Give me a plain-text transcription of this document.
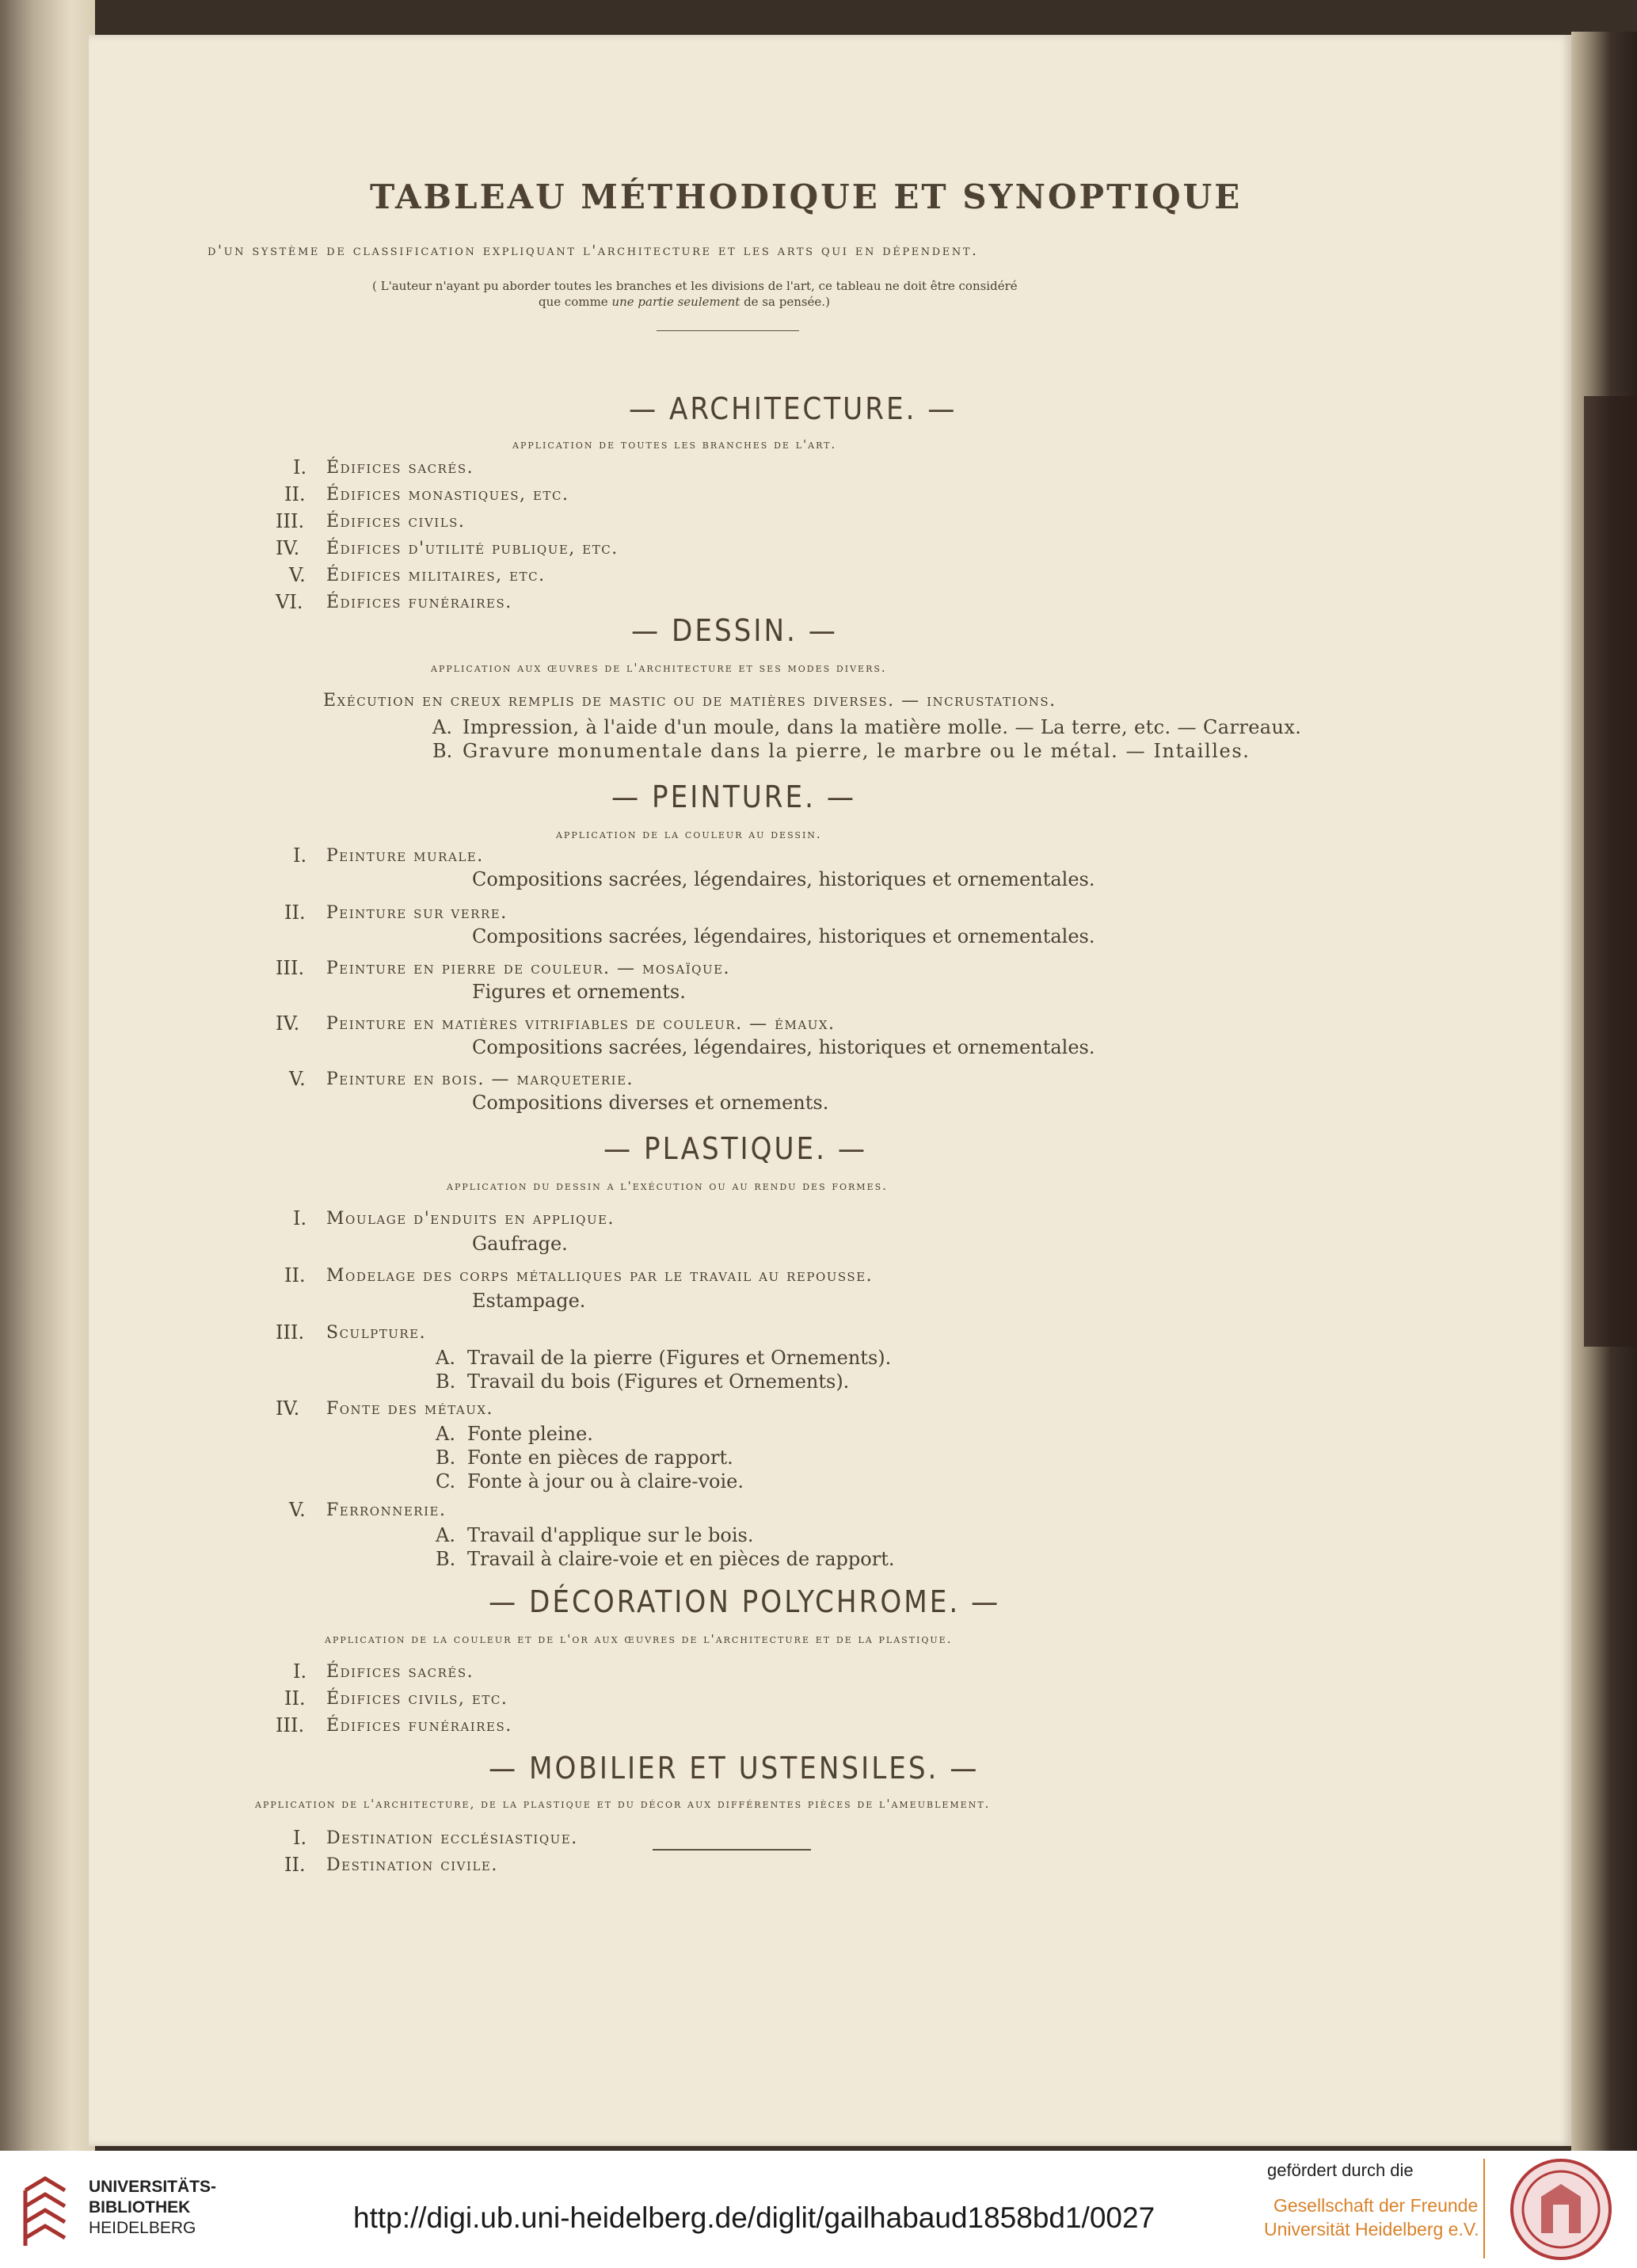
TABLEAU MÉTHODIQUE ET SYNOPTIQUE
d'un système de classification expliquant l'architecture et les arts qui en dépendent.
( L'auteur n'ayant pu aborder toutes les branches et les divisions de l'art, ce tableau ne doit être considéré
que comme une partie seulement de sa pensée.)
— ARCHITECTURE. —
application de toutes les branches de l'art.
I. Édifices sacrés.
II. Édifices monastiques, etc.
III. Édifices civils.
IV. Édifices d'utilité publique, etc.
V. Édifices militaires, etc.
VI. Édifices funéraires.
— DESSIN. —
application aux œuvres de l'architecture et ses modes divers.
Exécution en creux remplis de mastic ou de matières diverses. — incrustations.
A. Impression, à l'aide d'un moule, dans la matière molle. — La terre, etc. — Carreaux.
B. Gravure monumentale dans la pierre, le marbre ou le métal. — Intailles.
— PEINTURE. —
application de la couleur au dessin.
I. Peinture murale.
Compositions sacrées, légendaires, historiques et ornementales.
II. Peinture sur verre.
Compositions sacrées, légendaires, historiques et ornementales.
III. Peinture en pierre de couleur. — mosaïque.
Figures et ornements.
IV. Peinture en matières vitrifiables de couleur. — émaux.
Compositions sacrées, légendaires, historiques et ornementales.
V. Peinture en bois. — marqueterie.
Compositions diverses et ornements.
— PLASTIQUE. —
application du dessin a l'exécution ou au rendu des formes.
I. Moulage d'enduits en applique.
Gaufrage.
II. Modelage des corps métalliques par le travail au repousse.
Estampage.
III. Sculpture.
A. Travail de la pierre (Figures et Ornements).
B. Travail du bois (Figures et Ornements).
IV. Fonte des métaux.
A. Fonte pleine.
B. Fonte en pièces de rapport.
C. Fonte à jour ou à claire-voie.
V. Ferronnerie.
A. Travail d'applique sur le bois.
B. Travail à claire-voie et en pièces de rapport.
— DÉCORATION POLYCHROME. —
application de la couleur et de l'or aux œuvres de l'architecture et de la plastique.
I. Édifices sacrés.
II. Édifices civils, etc.
III. Édifices funéraires.
— MOBILIER ET USTENSILES. —
application de l'architecture, de la plastique et du décor aux différentes pièces de l'ameublement.
I. Destination ecclésiastique.
II. Destination civile.
UNIVERSITÄTS-
BIBLIOTHEK
HEIDELBERG	http://digi.ub.uni-heidelberg.de/diglit/gailhabaud1858bd1/0027
gefördert durch die
Gesellschaft der Freunde
Universität Heidelberg e.V.
